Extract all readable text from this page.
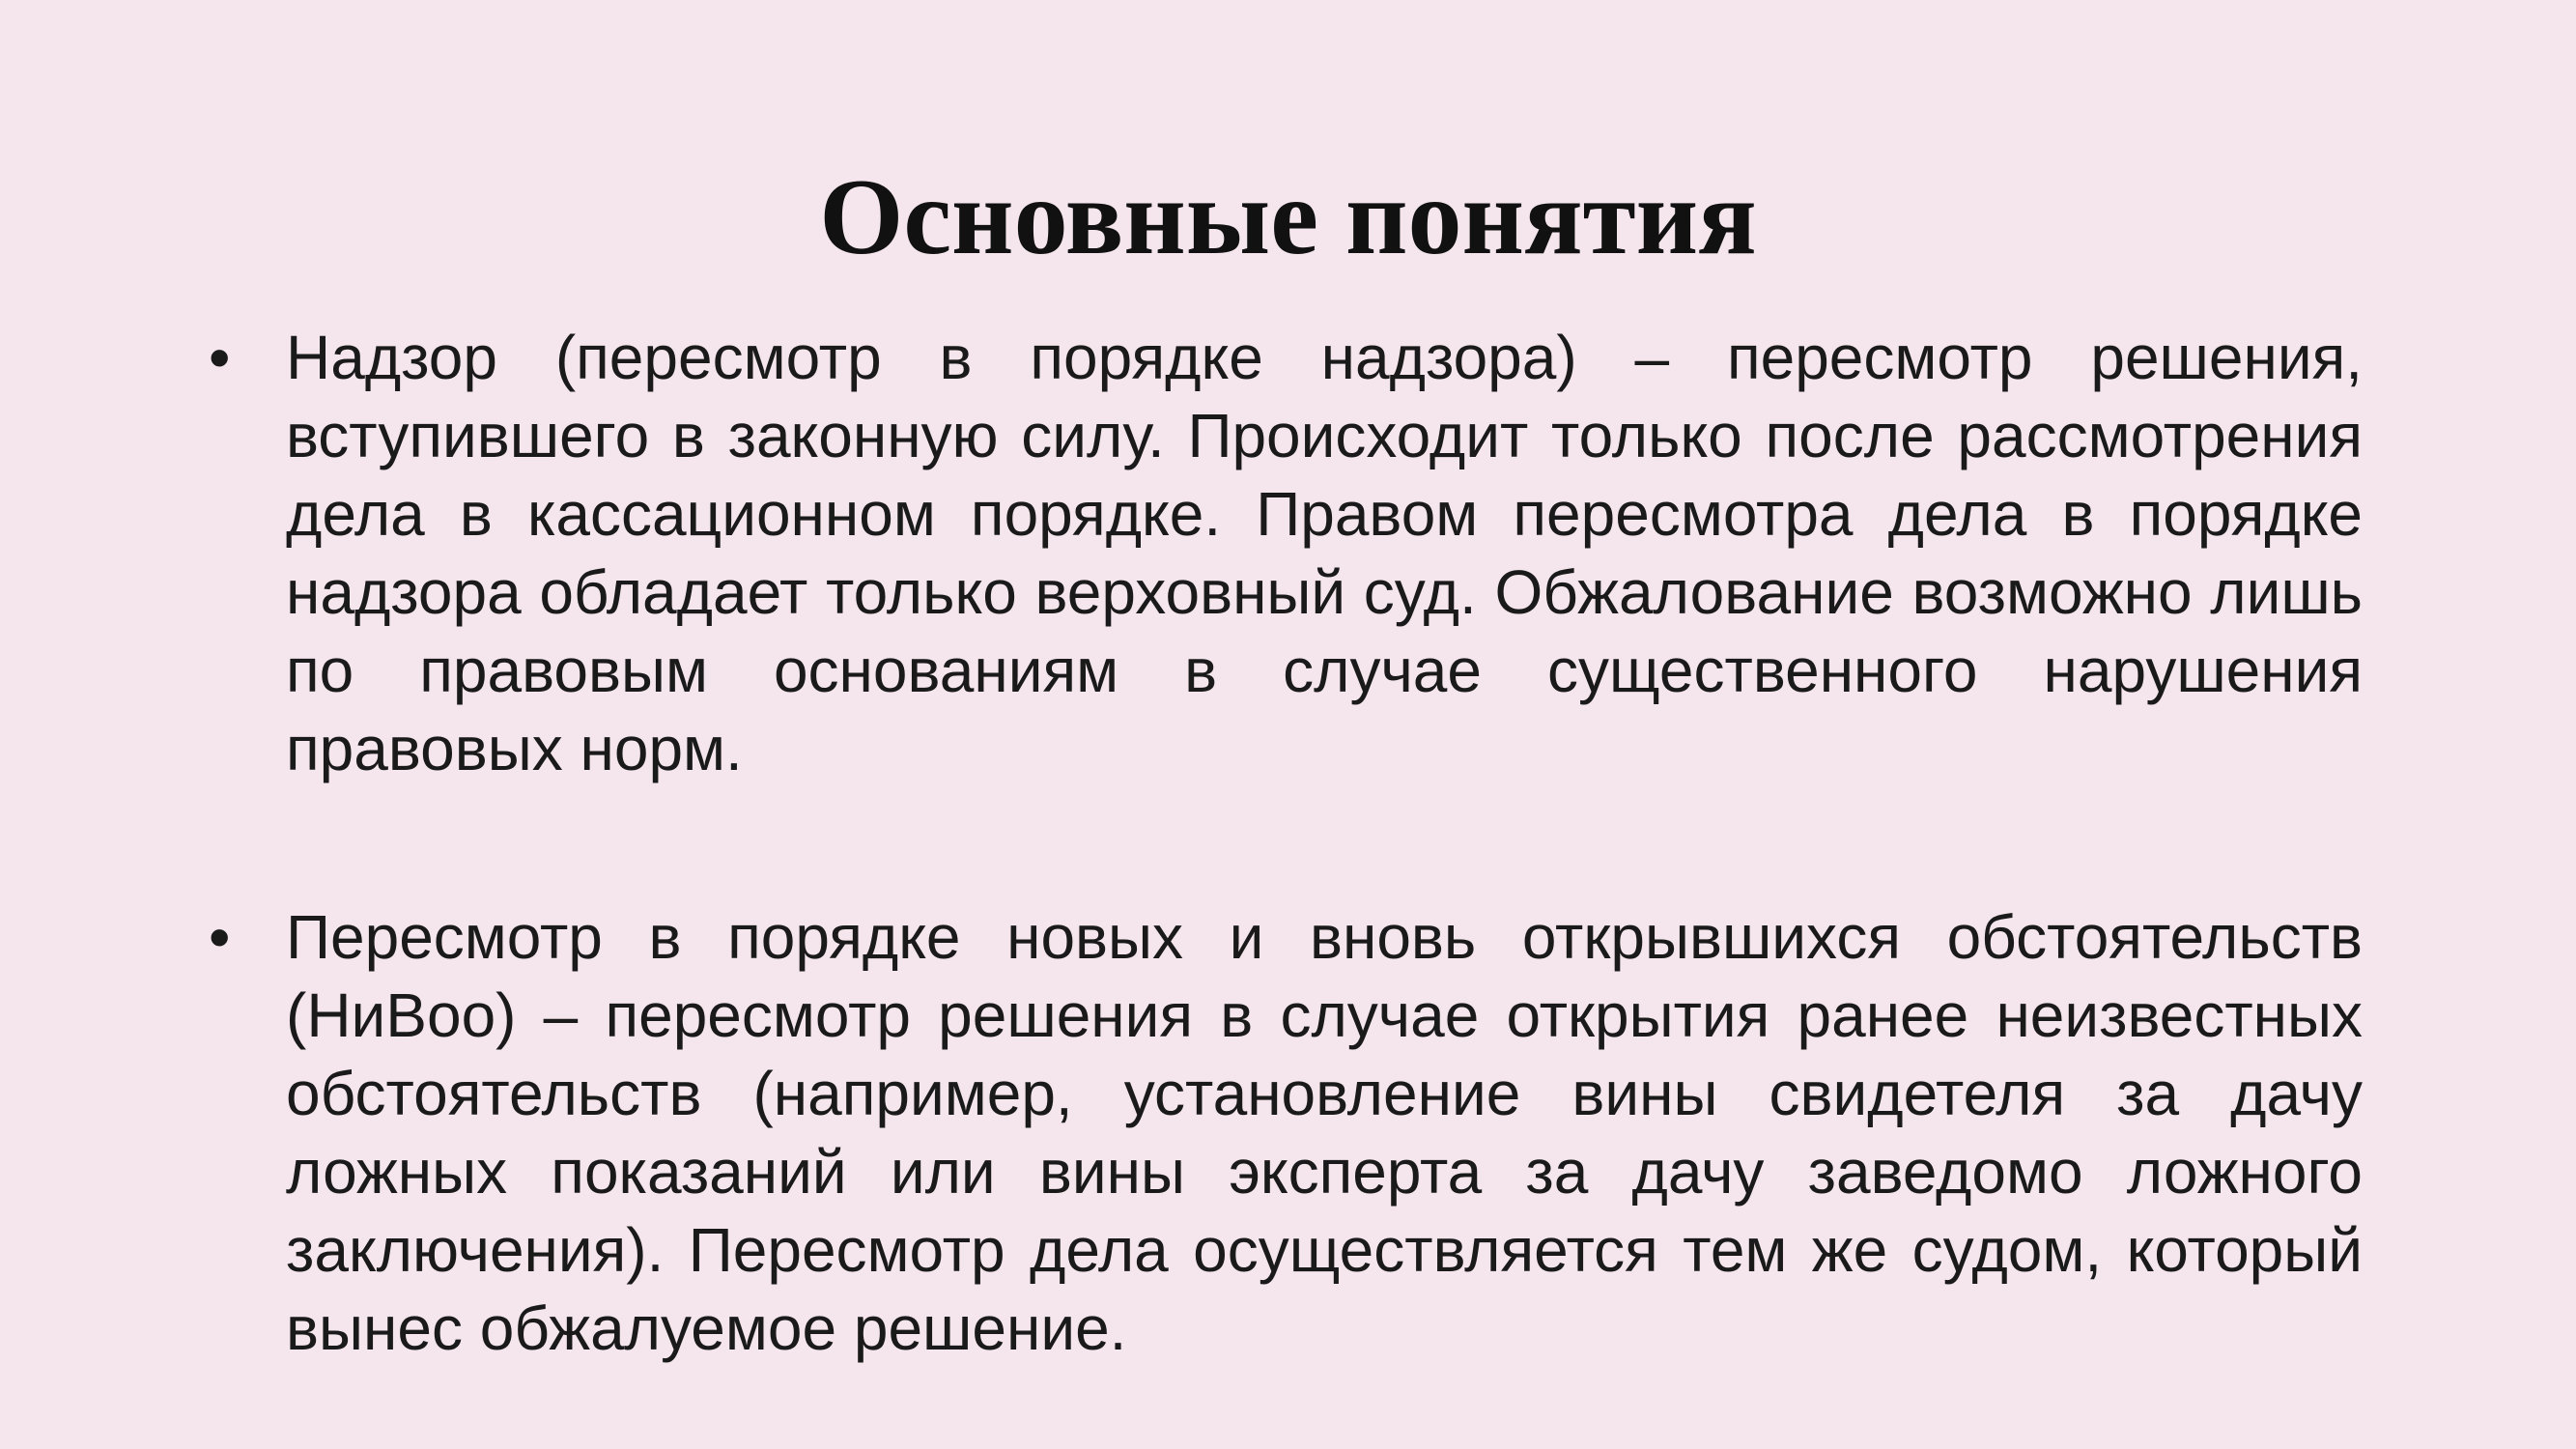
Основные понятия
• Надзор (пересмотр в порядке надзора) – пересмотр решения, вступившего в законную силу. Происходит только после рассмотрения дела в кассационном порядке. Правом пересмотра дела в порядке надзора обладает только верховный суд. Обжалование возможно лишь по правовым основаниям в случае существенного нарушения правовых норм.
• Пересмотр в порядке новых и вновь открывшихся обстоятельств (НиВоо) – пересмотр решения в случае открытия ранее неизвестных обстоятельств (например, установление вины свидетеля за дачу ложных показаний или вины эксперта за дачу заведомо ложного заключения). Пересмотр дела осуществляется тем же судом, который вынес обжалуемое решение.
